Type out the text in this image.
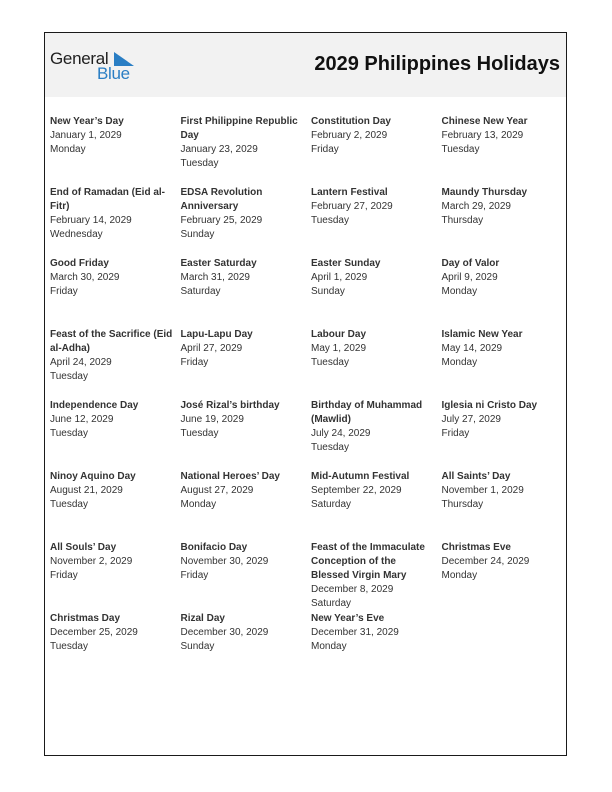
General
Blue	2029 Philippines Holidays
New Year’s Day
January 1, 2029
Monday
First Philippine Republic Day
January 23, 2029
Tuesday
Constitution Day
February 2, 2029
Friday
Chinese New Year
February 13, 2029
Tuesday
End of Ramadan (Eid al-Fitr)
February 14, 2029
Wednesday
EDSA Revolution Anniversary
February 25, 2029
Sunday
Lantern Festival
February 27, 2029
Tuesday
Maundy Thursday
March 29, 2029
Thursday
Good Friday
March 30, 2029
Friday
Easter Saturday
March 31, 2029
Saturday
Easter Sunday
April 1, 2029
Sunday
Day of Valor
April 9, 2029
Monday
Feast of the Sacrifice (Eid al-Adha)
April 24, 2029
Tuesday
Lapu-Lapu Day
April 27, 2029
Friday
Labour Day
May 1, 2029
Tuesday
Islamic New Year
May 14, 2029
Monday
Independence Day
June 12, 2029
Tuesday
José Rizal’s birthday
June 19, 2029
Tuesday
Birthday of Muhammad (Mawlid)
July 24, 2029
Tuesday
Iglesia ni Cristo Day
July 27, 2029
Friday
Ninoy Aquino Day
August 21, 2029
Tuesday
National Heroes’ Day
August 27, 2029
Monday
Mid-Autumn Festival
September 22, 2029
Saturday
All Saints’ Day
November 1, 2029
Thursday
All Souls’ Day
November 2, 2029
Friday
Bonifacio Day
November 30, 2029
Friday
Feast of the Immaculate Conception of the Blessed Virgin Mary
December 8, 2029
Saturday
Christmas Eve
December 24, 2029
Monday
Christmas Day
December 25, 2029
Tuesday
Rizal Day
December 30, 2029
Sunday
New Year’s Eve
December 31, 2029
Monday
